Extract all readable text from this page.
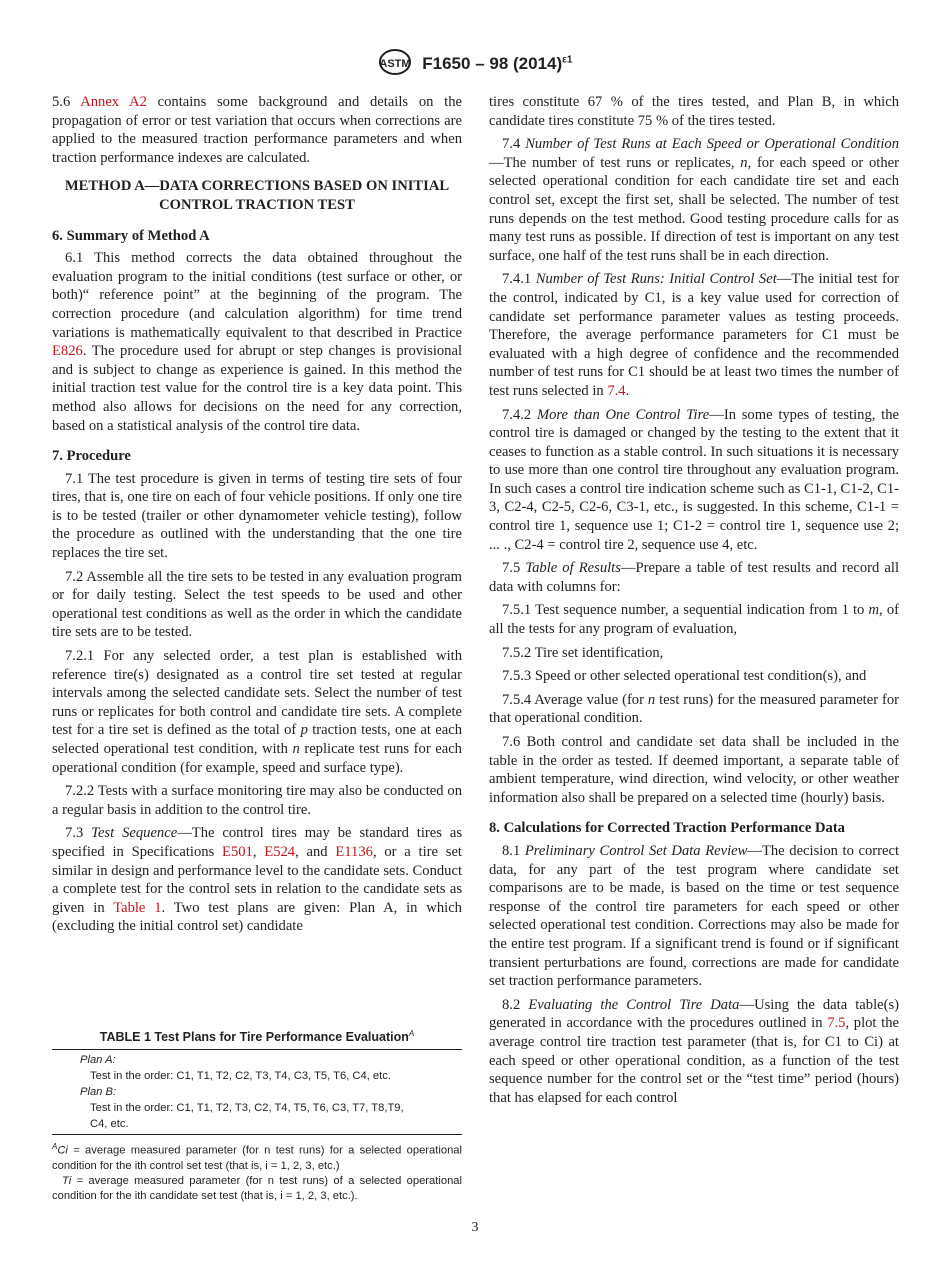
ASTM F1650 – 98 $(2014)^{\varepsilon 1}$
5.6 Annex A2 contains some background and details on the propagation of error or test variation that occurs when corrections are applied to the measured traction performance parameters and when traction performance indexes are calculated.
METHOD A—DATA CORRECTIONS BASED ON INITIAL CONTROL TRACTION TEST
6. Summary of Method A
6.1 This method corrects the data obtained throughout the evaluation program to the initial conditions (test surface or other, or both)“ reference point” at the beginning of the program. The correction procedure (and calculation algorithm) for time trend variations is mathematically equivalent to that described in Practice E826. The procedure used for abrupt or step changes is provisional and is subject to change as experience is gained. In this method the initial traction test value for the control tire is a key data point. This method also allows for decisions on the need for any correction, based on a statistical analysis of the control tire data.
7. Procedure
7.1 The test procedure is given in terms of testing tire sets of four tires, that is, one tire on each of four vehicle positions. If only one tire is to be tested (trailer or other dynamometer vehicle testing), follow the procedure as outlined with the understanding that the one tire replaces the tire set.
7.2 Assemble all the tire sets to be tested in any evaluation program or for daily testing. Select the test speeds to be used and other operational test conditions as well as the order in which the candidate tire sets are to be tested.
7.2.1 For any selected order, a test plan is established with reference tire(s) designated as a control tire set tested at regular intervals among the selected candidate sets. Select the number of test runs or replicates for both control and candidate tire sets. A complete test for a tire set is defined as the total of p traction tests, one at each selected operational test condition, with n replicate test runs for each operational condition (for example, speed and surface type).
7.2.2 Tests with a surface monitoring tire may also be conducted on a regular basis in addition to the control tire.
7.3 Test Sequence—The control tires may be standard tires as specified in Specifications E501, E524, and E1136, or a tire set similar in design and performance level to the candidate sets. Conduct a complete test for the control sets in relation to the candidate sets as given in Table 1. Two test plans are given: Plan A, in which (excluding the initial control set) candidate
tires constitute 67 % of the tires tested, and Plan B, in which candidate tires constitute 75 % of the tires tested.
7.4 Number of Test Runs at Each Speed or Operational Condition—The number of test runs or replicates, n, for each speed or other selected operational condition for each candidate tire set and each control set, except the first set, shall be selected. The number of test runs depends on the test method. Good testing procedure calls for as many test runs as possible. If direction of test is important on any test surface, one half of the test runs shall be in each direction.
7.4.1 Number of Test Runs: Initial Control Set—The initial test for the control, indicated by C1, is a key value used for correction of candidate set performance parameter values as testing proceeds. Therefore, the average performance parameters for C1 must be evaluated with a high degree of confidence and the recommended number of test runs for C1 should be at least two times the number of test runs selected in 7.4.
7.4.2 More than One Control Tire—In some types of testing, the control tire is damaged or changed by the testing to the extent that it ceases to function as a stable control. In such situations it is necessary to use more than one control tire throughout any evaluation program. In such cases a control tire indication scheme such as C1-1, C1-2, C1-3, C2-4, C2-5, C2-6, C3-1, etc., is suggested. In this scheme, C1-1 = control tire 1, sequence use 1; C1-2 = control tire 1, sequence use 2; ... ., C2-4 = control tire 2, sequence use 4, etc.
7.5 Table of Results—Prepare a table of test results and record all data with columns for:
7.5.1 Test sequence number, a sequential indication from 1 to m, of all the tests for any program of evaluation,
7.5.2 Tire set identification,
7.5.3 Speed or other selected operational test condition(s), and
7.5.4 Average value (for n test runs) for the measured parameter for that operational condition.
7.6 Both control and candidate set data shall be included in the table in the order as tested. If deemed important, a separate table of ambient temperature, wind direction, wind velocity, or other weather information also shall be prepared on a selected time (hourly) basis.
8. Calculations for Corrected Traction Performance Data
8.1 Preliminary Control Set Data Review—The decision to correct data, for any part of the test program where candidate set comparisons are to be made, is based on the time or test sequence response of the control tire parameters for each speed or other selected operational test condition. Corrections may also be made for the entire test program. If a significant trend is found or if significant transient perturbations are found, corrections are made for candidate set traction performance parameters.
8.2 Evaluating the Control Tire Data—Using the data table(s) generated in accordance with the procedures outlined in 7.5, plot the average control tire traction test parameter (that is, for C1 to Ci) at each speed or other operational condition, as a function of the test sequence number for the control set or the “test time” period (hours) that has elapsed for each control
TABLE 1 Test Plans for Tire Performance Evaluation$^A$
Plan A:
Test in the order: C1, T1, T2, C2, T3, T4, C3, T5, T6, C4, etc.
Plan B:
Test in the order: C1, T1, T2, T3, C2, T4, T5, T6, C3, T7, T8,T9,
C4, etc.
$^A$Ci = average measured parameter (for n test runs) for a selected operational condition for the ith control set test (that is, i = 1, 2, 3, etc.)
Ti = average measured parameter (for n test runs) of a selected operational condition for the ith candidate set test (that is, i = 1, 2, 3, etc.).
3
